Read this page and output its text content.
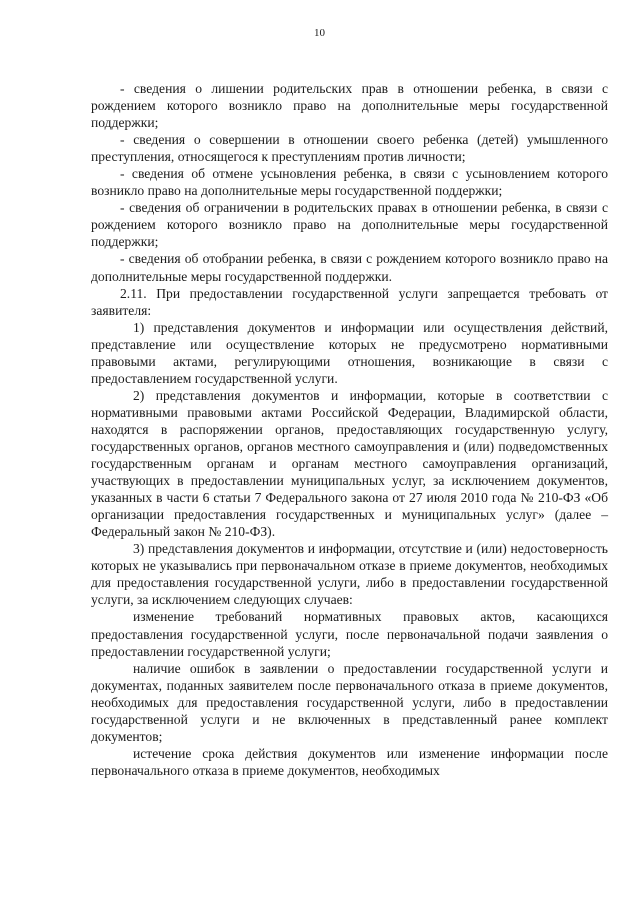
10

- сведения о лишении родительских прав в отношении ребенка, в связи с рождением которого возникло право на дополнительные меры государственной поддержки;

- сведения о совершении в отношении своего ребенка (детей) умышленного преступления, относящегося к преступлениям против личности;

- сведения об отмене усыновления ребенка, в связи с усыновлением которого возникло право на дополнительные меры государственной поддержки;

- сведения об ограничении в родительских правах в отношении ребенка, в связи с рождением которого возникло право на дополнительные меры государственной поддержки;

- сведения об отобрании ребенка, в связи с рождением которого возникло право на дополнительные меры государственной поддержки.

2.11. При предоставлении государственной услуги запрещается требовать от заявителя:

1) представления документов и информации или осуществления действий, представление или осуществление которых не предусмотрено нормативными правовыми актами, регулирующими отношения, возникающие в связи с предоставлением государственной услуги.

2) представления документов и информации, которые в соответствии с нормативными правовыми актами Российской Федерации, Владимирской области, находятся в распоряжении органов, предоставляющих государственную услугу, государственных органов, органов местного самоуправления и (или) подведомственных государственным органам и органам местного самоуправления организаций, участвующих в предоставлении муниципальных услуг, за исключением документов, указанных в части 6 статьи 7 Федерального закона от 27 июля 2010 года № 210-ФЗ «Об организации предоставления государственных и муниципальных услуг» (далее – Федеральный закон № 210-ФЗ).

3) представления документов и информации, отсутствие и (или) недостоверность которых не указывались при первоначальном отказе в приеме документов, необходимых для предоставления государственной услуги, либо в предоставлении государственной услуги, за исключением следующих случаев:

изменение требований нормативных правовых актов, касающихся предоставления государственной услуги, после первоначальной подачи заявления о предоставлении государственной услуги;

наличие ошибок в заявлении о предоставлении государственной услуги и документах, поданных заявителем после первоначального отказа в приеме документов, необходимых для предоставления государственной услуги, либо в предоставлении государственной услуги и не включенных в представленный ранее комплект документов;

истечение срока действия документов или изменение информации после первоначального отказа в приеме документов, необходимых
